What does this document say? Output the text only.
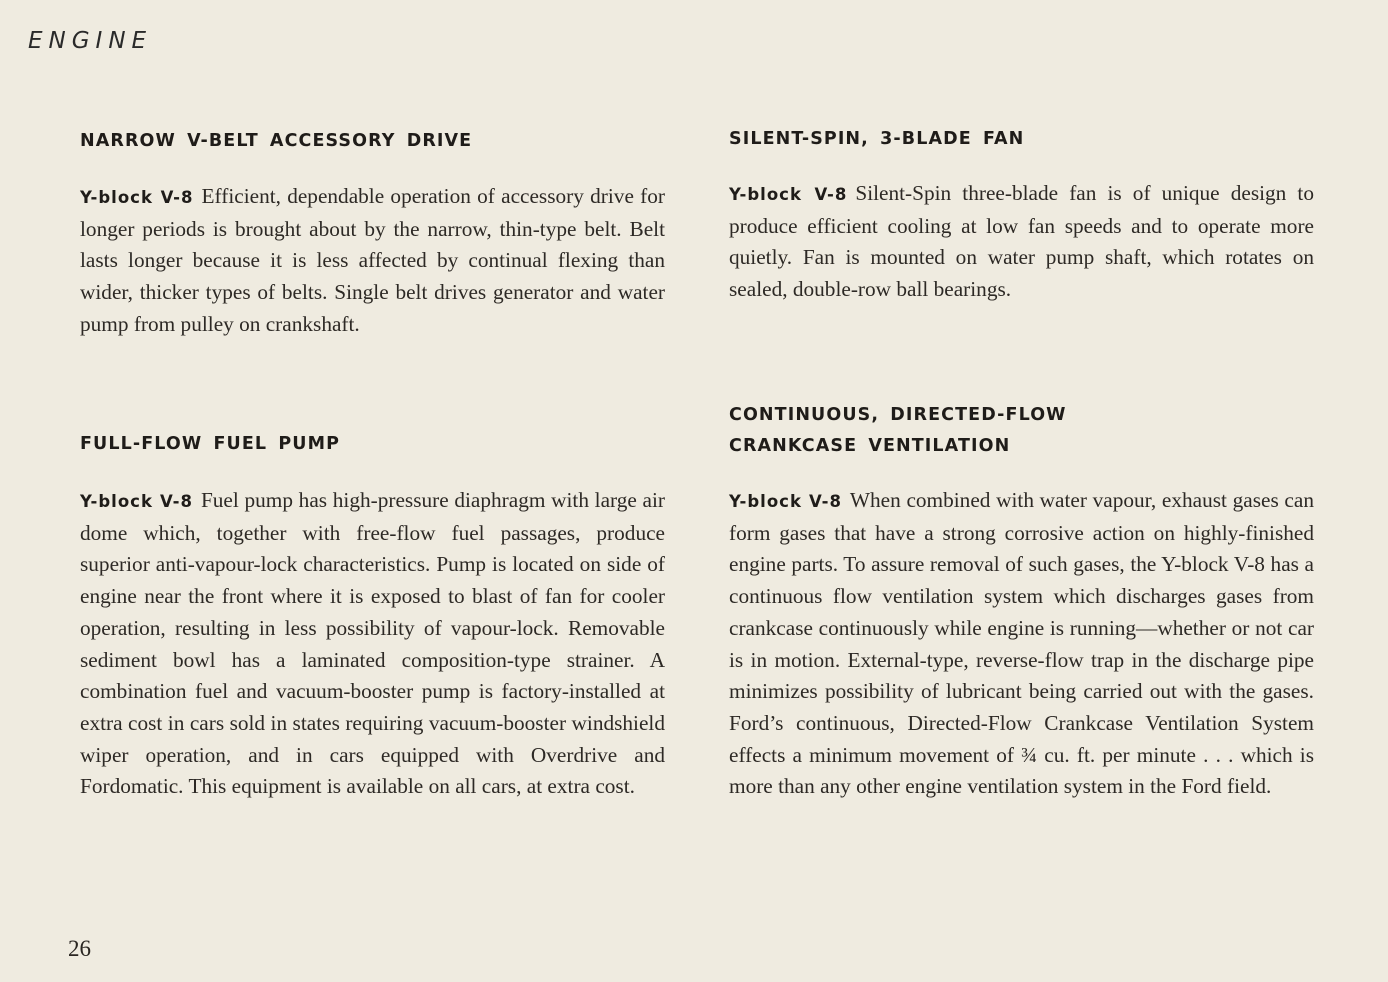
ENGINE
NARROW V-BELT ACCESSORY DRIVE

Y-block V-8 Efficient, dependable operation of accessory drive for longer periods is brought about by the narrow, thin-type belt. Belt lasts longer because it is less affected by continual flexing than wider, thicker types of belts. Single belt drives generator and water pump from pulley on crankshaft.

FULL-FLOW FUEL PUMP

Y-block V-8 Fuel pump has high-pressure diaphragm with large air dome which, together with free-flow fuel passages, produce superior anti-vapour-lock characteristics. Pump is located on side of engine near the front where it is exposed to blast of fan for cooler operation, resulting in less possibility of vapour-lock. Removable sediment bowl has a laminated composition-type strainer. A combination fuel and vacuum-booster pump is factory-installed at extra cost in cars sold in states requiring vacuum-booster windshield wiper operation, and in cars equipped with Overdrive and Fordomatic. This equipment is available on all cars, at extra cost.

SILENT-SPIN, 3-BLADE FAN

Y-block V-8 Silent-Spin three-blade fan is of unique design to produce efficient cooling at low fan speeds and to operate more quietly. Fan is mounted on water pump shaft, which rotates on sealed, double-row ball bearings.

CONTINUOUS, DIRECTED-FLOW
CRANKCASE VENTILATION

Y-block V-8 When combined with water vapour, exhaust gases can form gases that have a strong corrosive action on highly-finished engine parts. To assure removal of such gases, the Y-block V-8 has a continuous flow ventilation system which discharges gases from crankcase continuously while engine is running—whether or not car is in motion. External-type, reverse-flow trap in the discharge pipe minimizes possibility of lubricant being carried out with the gases. Ford’s continuous, Directed-Flow Crankcase Ventilation System effects a minimum movement of ¾ cu. ft. per minute . . . which is more than any other engine ventilation system in the Ford field.

26
